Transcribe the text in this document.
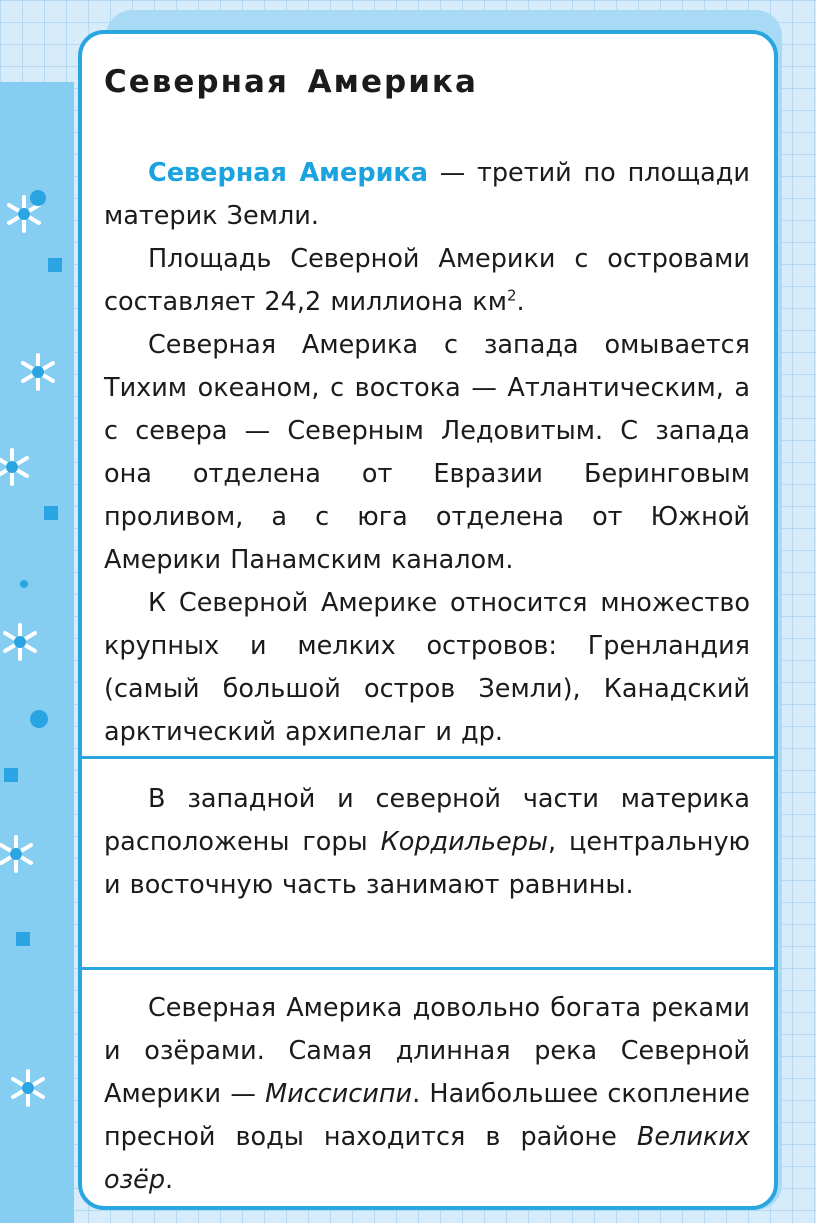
Северная Америка

Северная Америка — третий по площади материк Земли.

Площадь Северной Америки с островами составляет 24,2 миллиона $км^2$.

Северная Америка с запада омывается Тихим океаном, с востока — Атлантическим, а с севера — Северным Ледовитым. С запада она отделена от Евразии Беринговым проливом, а с юга отделена от Южной Америки Панамским каналом.

К Северной Америке относится множество крупных и мелких островов: Гренландия (самый большой остров Земли), Канадский арктический архипелаг и др.

В западной и северной части материка расположены горы Кордильеры, центральную и восточную часть занимают равнины.

Северная Америка довольно богата реками и озёрами. Самая длинная река Северной Америки — Миссисипи. Наибольшее скопление пресной воды находится в районе Великих озёр.
